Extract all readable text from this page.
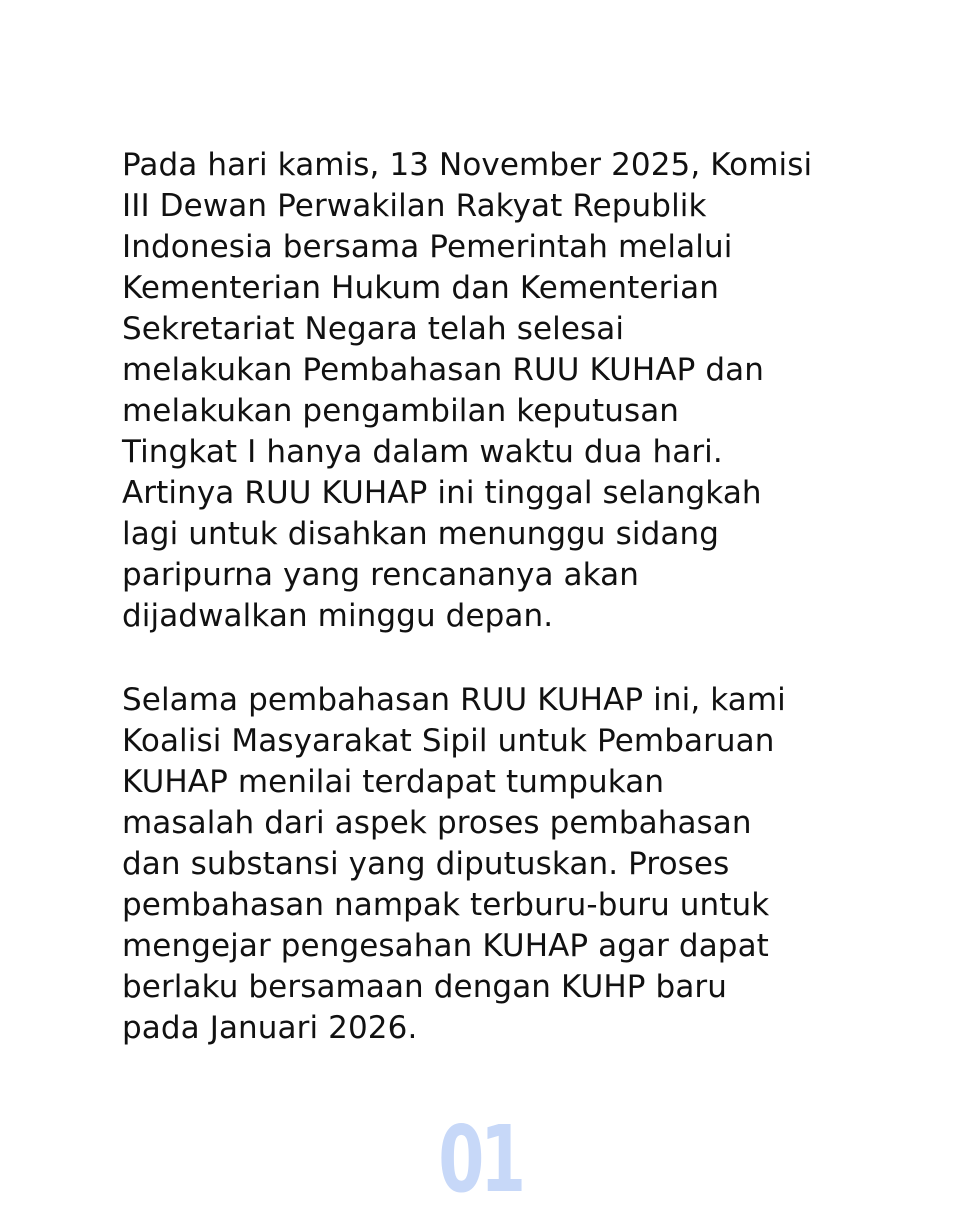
Pada hari kamis, 13 November 2025, Komisi
III Dewan Perwakilan Rakyat Republik
Indonesia bersama Pemerintah melalui
Kementerian Hukum dan Kementerian
Sekretariat Negara telah selesai
melakukan Pembahasan RUU KUHAP dan
melakukan pengambilan keputusan
Tingkat I hanya dalam waktu dua hari.
Artinya RUU KUHAP ini tinggal selangkah
lagi untuk disahkan menunggu sidang
paripurna yang rencananya akan
dijadwalkan minggu depan.

Selama pembahasan RUU KUHAP ini, kami
Koalisi Masyarakat Sipil untuk Pembaruan
KUHAP menilai terdapat tumpukan
masalah dari aspek proses pembahasan
dan substansi yang diputuskan. Proses
pembahasan nampak terburu-buru untuk
mengejar pengesahan KUHAP agar dapat
berlaku bersamaan dengan KUHP baru
pada Januari 2026.

01
